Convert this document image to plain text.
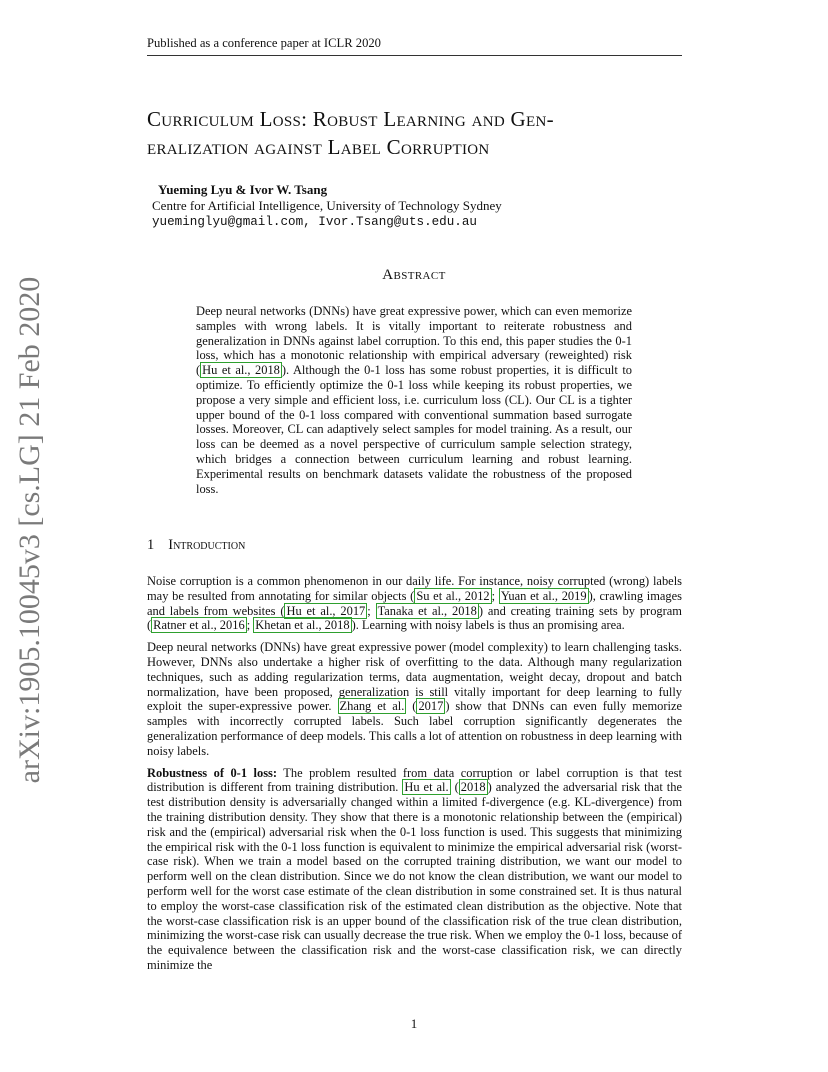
Published as a conference paper at ICLR 2020
arXiv:1905.10045v3 [cs.LG] 21 Feb 2020
Curriculum Loss: Robust Learning and Gen-
eralization against Label Corruption
Yueming Lyu & Ivor W. Tsang
Centre for Artificial Intelligence, University of Technology Sydney
yueminglyu@gmail.com, Ivor.Tsang@uts.edu.au
Abstract
Deep neural networks (DNNs) have great expressive power, which can even memorize samples with wrong labels. It is vitally important to reiterate robustness and generalization in DNNs against label corruption. To this end, this paper studies the 0-1 loss, which has a monotonic relationship with empirical adversary (reweighted) risk ( Hu et al., 2018 ). Although the 0-1 loss has some robust properties, it is difficult to optimize. To efficiently optimize the 0-1 loss while keeping its robust properties, we propose a very simple and efficient loss, i.e. curriculum loss (CL). Our CL is a tighter upper bound of the 0-1 loss compared with conventional summation based surrogate losses. Moreover, CL can adaptively select samples for model training. As a result, our loss can be deemed as a novel perspective of curriculum sample selection strategy, which bridges a connection between curriculum learning and robust learning. Experimental results on benchmark datasets validate the robustness of the proposed loss.
1 Introduction

Noise corruption is a common phenomenon in our daily life. For instance, noisy corrupted (wrong) labels may be resulted from annotating for similar objects ( Su et al., 2012 ; Yuan et al., 2019 ), crawling images and labels from websites ( Hu et al., 2017 ; Tanaka et al., 2018 ) and creating training sets by program ( Ratner et al., 2016 ; Khetan et al., 2018 ). Learning with noisy labels is thus an promising area.

Deep neural networks (DNNs) have great expressive power (model complexity) to learn challenging tasks. However, DNNs also undertake a higher risk of overfitting to the data. Although many regularization techniques, such as adding regularization terms, data augmentation, weight decay, dropout and batch normalization, have been proposed, generalization is still vitally important for deep learning to fully exploit the super-expressive power. Zhang et al. ( 2017 ) show that DNNs can even fully memorize samples with incorrectly corrupted labels. Such label corruption significantly degenerates the generalization performance of deep models. This calls a lot of attention on robustness in deep learning with noisy labels.

Robustness of 0-1 loss: The problem resulted from data corruption or label corruption is that test distribution is different from training distribution. Hu et al. ( 2018 ) analyzed the adversarial risk that the test distribution density is adversarially changed within a limited f-divergence (e.g. KL-divergence) from the training distribution density. They show that there is a monotonic relationship between the (empirical) risk and the (empirical) adversarial risk when the 0-1 loss function is used. This suggests that minimizing the empirical risk with the 0-1 loss function is equivalent to minimize the empirical adversarial risk (worst-case risk). When we train a model based on the corrupted training distribution, we want our model to perform well on the clean distribution. Since we do not know the clean distribution, we want our model to perform well for the worst case estimate of the clean distribution in some constrained set. It is thus natural to employ the worst-case classification risk of the estimated clean distribution as the objective. Note that the worst-case classification risk is an upper bound of the classification risk of the true clean distribution, minimizing the worst-case risk can usually decrease the true risk. When we employ the 0-1 loss, because of the equivalence between the classification risk and the worst-case classification risk, we can directly minimize the

1
